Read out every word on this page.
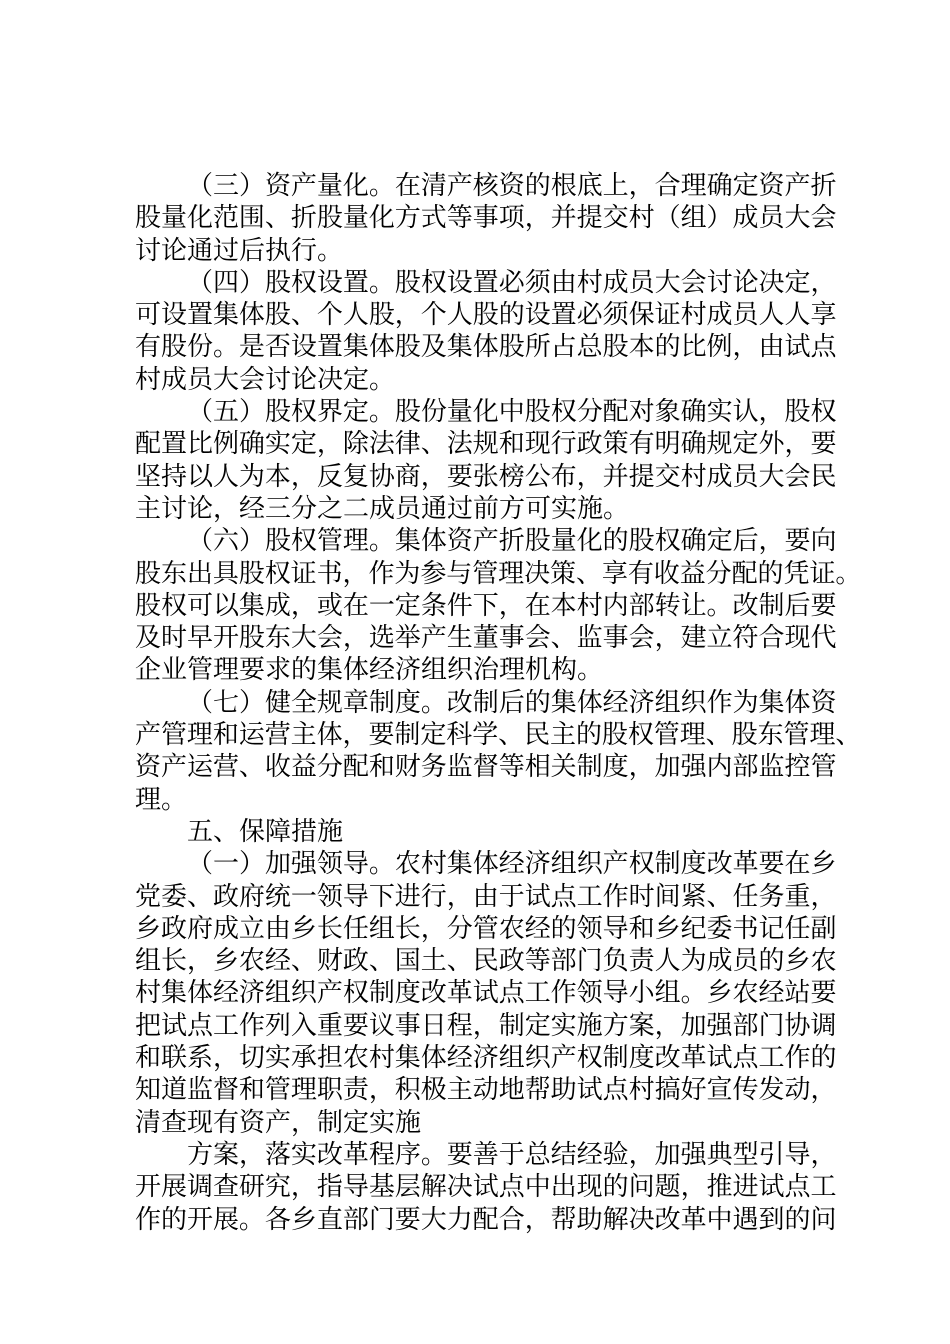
（三）资产量化。在清产核资的根底上，合理确定资产折
股量化范围、折股量化方式等事项，并提交村（组）成员大会
讨论通过后执行。
（四）股权设置。股权设置必须由村成员大会讨论决定，
可设置集体股、个人股，个人股的设置必须保证村成员人人享
有股份。是否设置集体股及集体股所占总股本的比例，由试点
村成员大会讨论决定。
（五）股权界定。股份量化中股权分配对象确实认，股权
配置比例确实定，除法律、法规和现行政策有明确规定外，要
坚持以人为本，反复协商，要张榜公布，并提交村成员大会民
主讨论，经三分之二成员通过前方可实施。
（六）股权管理。集体资产折股量化的股权确定后，要向
股东出具股权证书，作为参与管理决策、享有收益分配的凭证。
股权可以集成，或在一定条件下，在本村内部转让。改制后要
及时早开股东大会，选举产生董事会、监事会，建立符合现代
企业管理要求的集体经济组织治理机构。
（七）健全规章制度。改制后的集体经济组织作为集体资
产管理和运营主体，要制定科学、民主的股权管理、股东管理、
资产运营、收益分配和财务监督等相关制度，加强内部监控管
理。
五、保障措施
（一）加强领导。农村集体经济组织产权制度改革要在乡
党委、政府统一领导下进行，由于试点工作时间紧、任务重，
乡政府成立由乡长任组长，分管农经的领导和乡纪委书记任副
组长，乡农经、财政、国土、民政等部门负责人为成员的乡农
村集体经济组织产权制度改革试点工作领导小组。乡农经站要
把试点工作列入重要议事日程，制定实施方案，加强部门协调
和联系，切实承担农村集体经济组织产权制度改革试点工作的
知道监督和管理职责，积极主动地帮助试点村搞好宣传发动，
清查现有资产，制定实施
方案，落实改革程序。要善于总结经验，加强典型引导，
开展调查研究，指导基层解决试点中出现的问题，推进试点工
作的开展。各乡直部门要大力配合，帮助解决改革中遇到的问
